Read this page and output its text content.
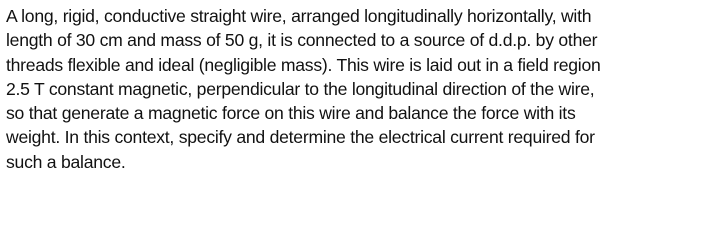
A long, rigid, conductive straight wire, arranged longitudinally horizontally, with
length of 30 cm and mass of 50 g, it is connected to a source of d.d.p. by other
threads flexible and ideal (negligible mass). This wire is laid out in a field region
2.5 T constant magnetic, perpendicular to the longitudinal direction of the wire,
so that generate a magnetic force on this wire and balance the force with its
weight. In this context, specify and determine the electrical current required for
such a balance.
